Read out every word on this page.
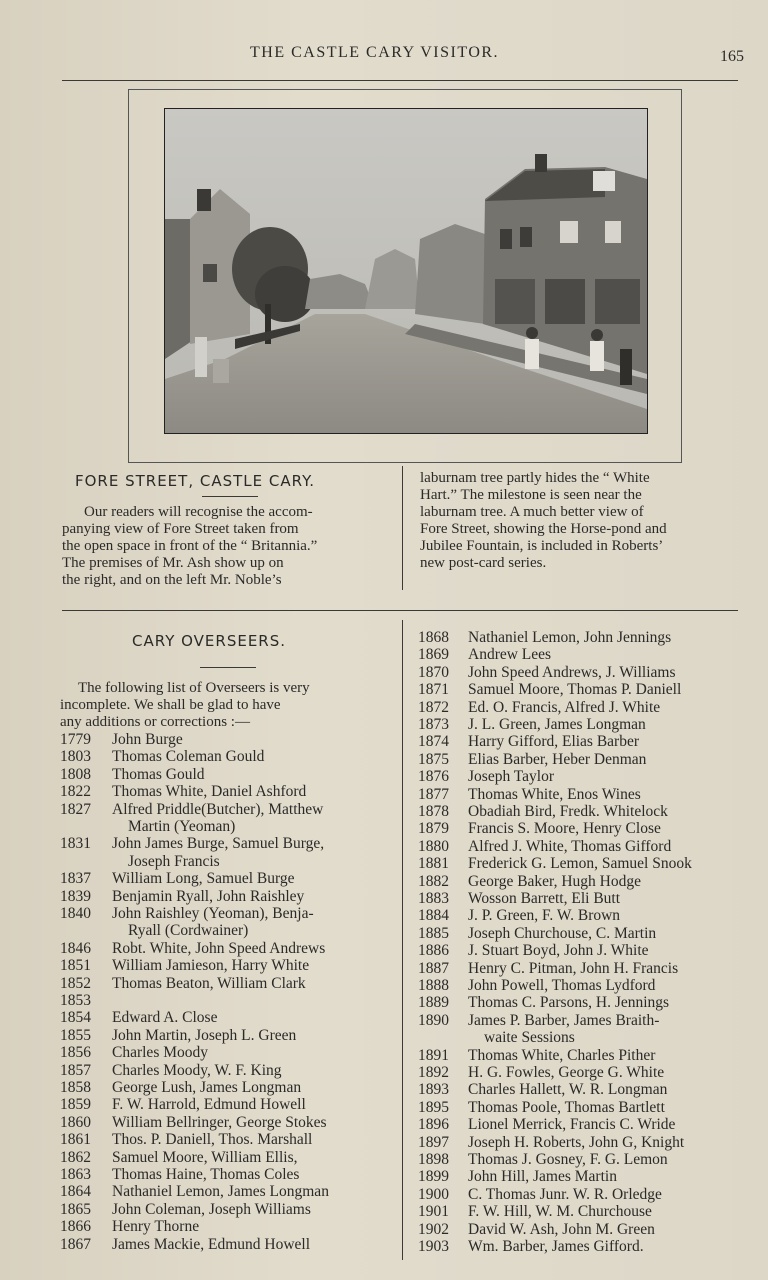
THE CASTLE CARY VISITOR.	165
FORE STREET, CASTLE CARY.
Our readers will recognise the accom-
panying view of Fore Street taken from
the open space in front of the “ Britannia.”
The premises of Mr. Ash show up on
the right, and on the left Mr. Noble’s
laburnam tree partly hides the “ White
Hart.” The milestone is seen near the
laburnam tree. A much better view of
Fore Street, showing the Horse-pond and
Jubilee Fountain, is included in Roberts’
new post-card series.
CARY OVERSEERS.
The following list of Overseers is very
incomplete. We shall be glad to have
any additions or corrections :—
1779 John Burge
1803 Thomas Coleman Gould
1808 Thomas Gould
1822 Thomas White, Daniel Ashford
1827 Alfred Priddle(Butcher), Matthew
Martin (Yeoman)
1831 John James Burge, Samuel Burge,
Joseph Francis
1837 William Long, Samuel Burge
1839 Benjamin Ryall, John Raishley
1840 John Raishley (Yeoman), Benja-
Ryall (Cordwainer)
1846 Robt. White, John Speed Andrews
1851 William Jamieson, Harry White
1852 Thomas Beaton, William Clark
1853
1854 Edward A. Close
1855 John Martin, Joseph L. Green
1856 Charles Moody
1857 Charles Moody, W. F. King
1858 George Lush, James Longman
1859 F. W. Harrold, Edmund Howell
1860 William Bellringer, George Stokes
1861 Thos. P. Daniell, Thos. Marshall
1862 Samuel Moore, William Ellis,
1863 Thomas Haine, Thomas Coles
1864 Nathaniel Lemon, James Longman
1865 John Coleman, Joseph Williams
1866 Henry Thorne
1867 James Mackie, Edmund Howell
1868 Nathaniel Lemon, John Jennings
1869 Andrew Lees
1870 John Speed Andrews, J. Williams
1871 Samuel Moore, Thomas P. Daniell
1872 Ed. O. Francis, Alfred J. White
1873 J. L. Green, James Longman
1874 Harry Gifford, Elias Barber
1875 Elias Barber, Heber Denman
1876 Joseph Taylor
1877 Thomas White, Enos Wines
1878 Obadiah Bird, Fredk. Whitelock
1879 Francis S. Moore, Henry Close
1880 Alfred J. White, Thomas Gifford
1881 Frederick G. Lemon, Samuel Snook
1882 George Baker, Hugh Hodge
1883 Wosson Barrett, Eli Butt
1884 J. P. Green, F. W. Brown
1885 Joseph Churchouse, C. Martin
1886 J. Stuart Boyd, John J. White
1887 Henry C. Pitman, John H. Francis
1888 John Powell, Thomas Lydford
1889 Thomas C. Parsons, H. Jennings
1890 James P. Barber, James Braith-
waite Sessions
1891 Thomas White, Charles Pither
1892 H. G. Fowles, George G. White
1893 Charles Hallett, W. R. Longman
1895 Thomas Poole, Thomas Bartlett
1896 Lionel Merrick, Francis C. Wride
1897 Joseph H. Roberts, John G, Knight
1898 Thomas J. Gosney, F. G. Lemon
1899 John Hill, James Martin
1900 C. Thomas Junr. W. R. Orledge
1901 F. W. Hill, W. M. Churchouse
1902 David W. Ash, John M. Green
1903 Wm. Barber, James Gifford.
